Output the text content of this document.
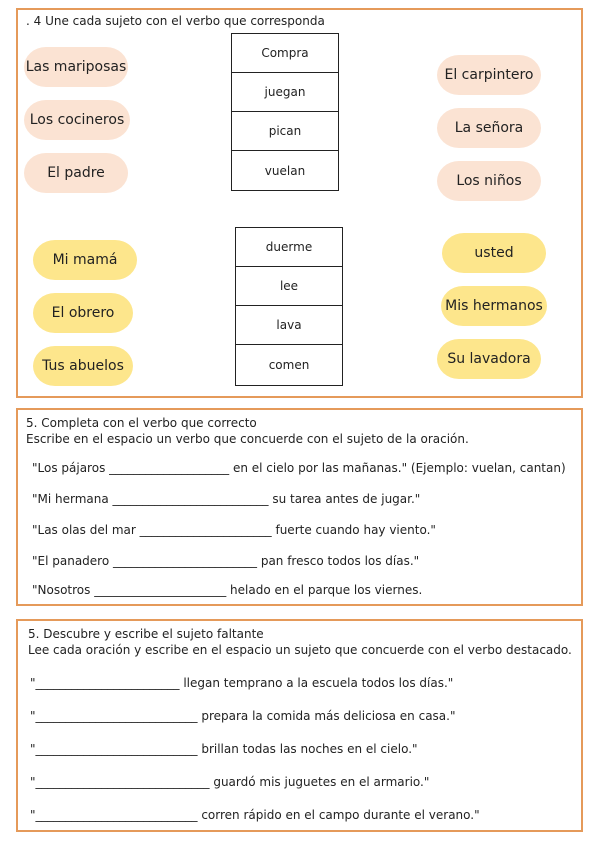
. 4 Une cada sujeto con el verbo que corresponda
Las mariposas
Los cocineros
El padre
Compra
juegan
pican
vuelan
El carpintero
La señora
Los niños
Mi mamá
El obrero
Tus abuelos
duerme
lee
lava
comen
usted
Mis hermanos
Su lavadora
5. Completa con el verbo que correcto
Escribe en el espacio un verbo que concuerde con el sujeto de la oración.
"Los pájaros ____________________ en el cielo por las mañanas." (Ejemplo: vuelan, cantan)
"Mi hermana __________________________ su tarea antes de jugar."
"Las olas del mar ______________________ fuerte cuando hay viento."
"El panadero ________________________ pan fresco todos los días."
"Nosotros ______________________ helado en el parque los viernes.
5. Descubre y escribe el sujeto faltante
Lee cada oración y escribe en el espacio un sujeto que concuerde con el verbo destacado.
"________________________ llegan temprano a la escuela todos los días."
"___________________________ prepara la comida más deliciosa en casa."
"___________________________ brillan todas las noches en el cielo."
"_____________________________ guardó mis juguetes en el armario."
"___________________________ corren rápido en el campo durante el verano."
